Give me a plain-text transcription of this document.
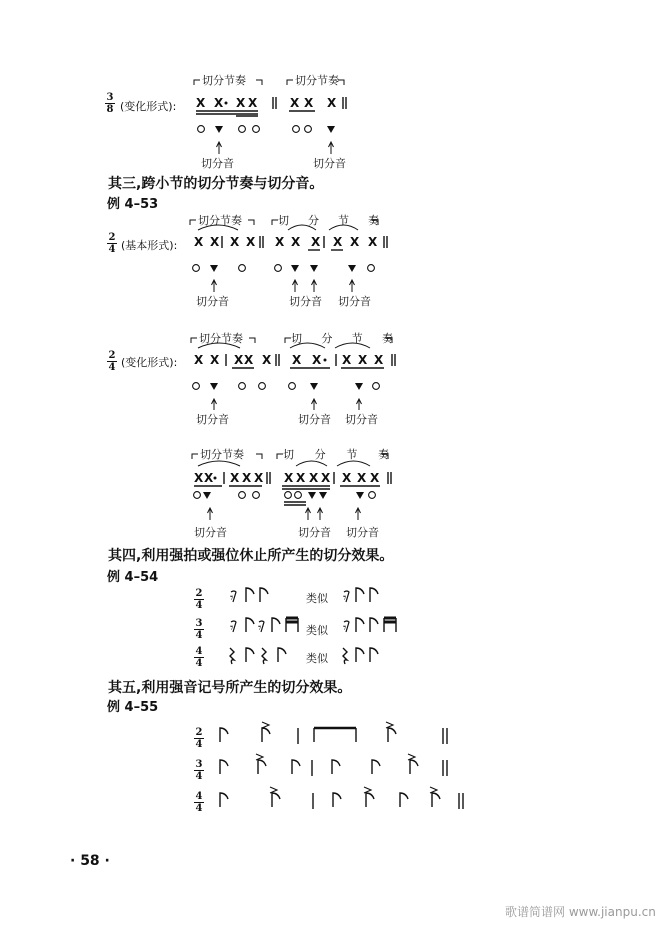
切分节奏	切分节奏
X X X X	X X X
切分音	切分音
切分节奏	切 分 节 奏
X X X X X X X X X X
切分音	切分音 切分音
切分节奏	切 分 节 奏
X X X X X X X X X X
切分音	切分音 切分音
切分节奏	切 分 节 奏
X X X X X X X X X X X X
切分音	切分音 切分音
𝄾	𝄾
𝄾 𝄾	𝄾
3
8 (变化形式):
其三,跨小节的切分节奏与切分音。
例 4–53
2
4 (基本形式):
2
4 (变化形式):
其四,利用强拍或强位休止所产生的切分效果。
例 4–54
2
4
3
4
4
4
类似
类似
类似
其五,利用强音记号所产生的切分效果。
例 4–55
2
4
3
4
4
4
· 58 ·
歌谱简谱网 www.jianpu.cn
